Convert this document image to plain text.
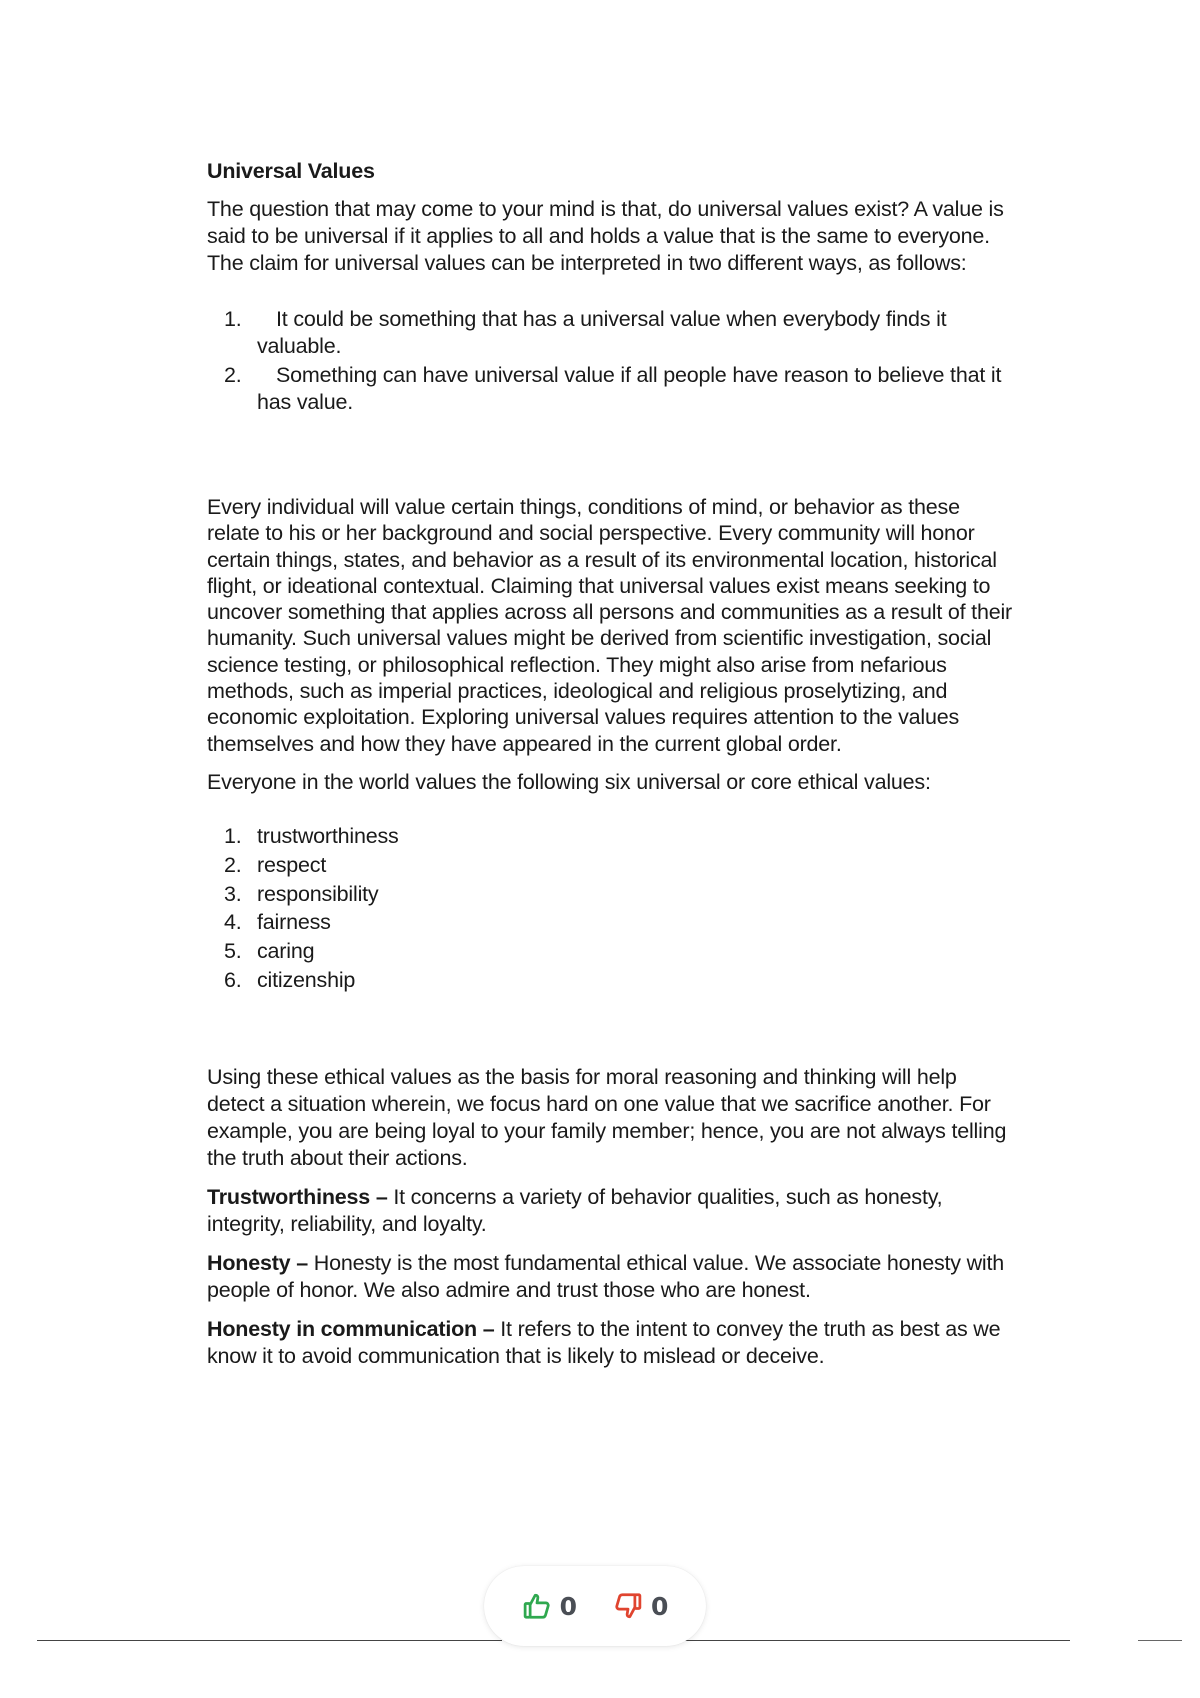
Universal Values

The question that may come to your mind is that, do universal values exist? A value is said to be universal if it applies to all and holds a value that is the same to everyone. The claim for universal values can be interpreted in two different ways, as follows:

1. It could be something that has a universal value when everybody finds it valuable.
2. Something can have universal value if all people have reason to believe that it has value.

Every individual will value certain things, conditions of mind, or behavior as these relate to his or her background and social perspective. Every community will honor certain things, states, and behavior as a result of its environmental location, historical flight, or ideational contextual. Claiming that universal values exist means seeking to uncover something that applies across all persons and communities as a result of their humanity. Such universal values might be derived from scientific investigation, social science testing, or philosophical reflection. They might also arise from nefarious methods, such as imperial practices, ideological and religious proselytizing, and economic exploitation. Exploring universal values requires attention to the values themselves and how they have appeared in the current global order.

Everyone in the world values the following six universal or core ethical values:

1. trustworthiness
2. respect
3. responsibility
4. fairness
5. caring
6. citizenship

Using these ethical values as the basis for moral reasoning and thinking will help detect a situation wherein, we focus hard on one value that we sacrifice another. For example, you are being loyal to your family member; hence, you are not always telling the truth about their actions.

Trustworthiness – It concerns a variety of behavior qualities, such as honesty, integrity, reliability, and loyalty.

Honesty – Honesty is the most fundamental ethical value. We associate honesty with people of honor. We also admire and trust those who are honest.

Honesty in communication – It refers to the intent to convey the truth as best as we know it to avoid communication that is likely to mislead or deceive.

0	0
